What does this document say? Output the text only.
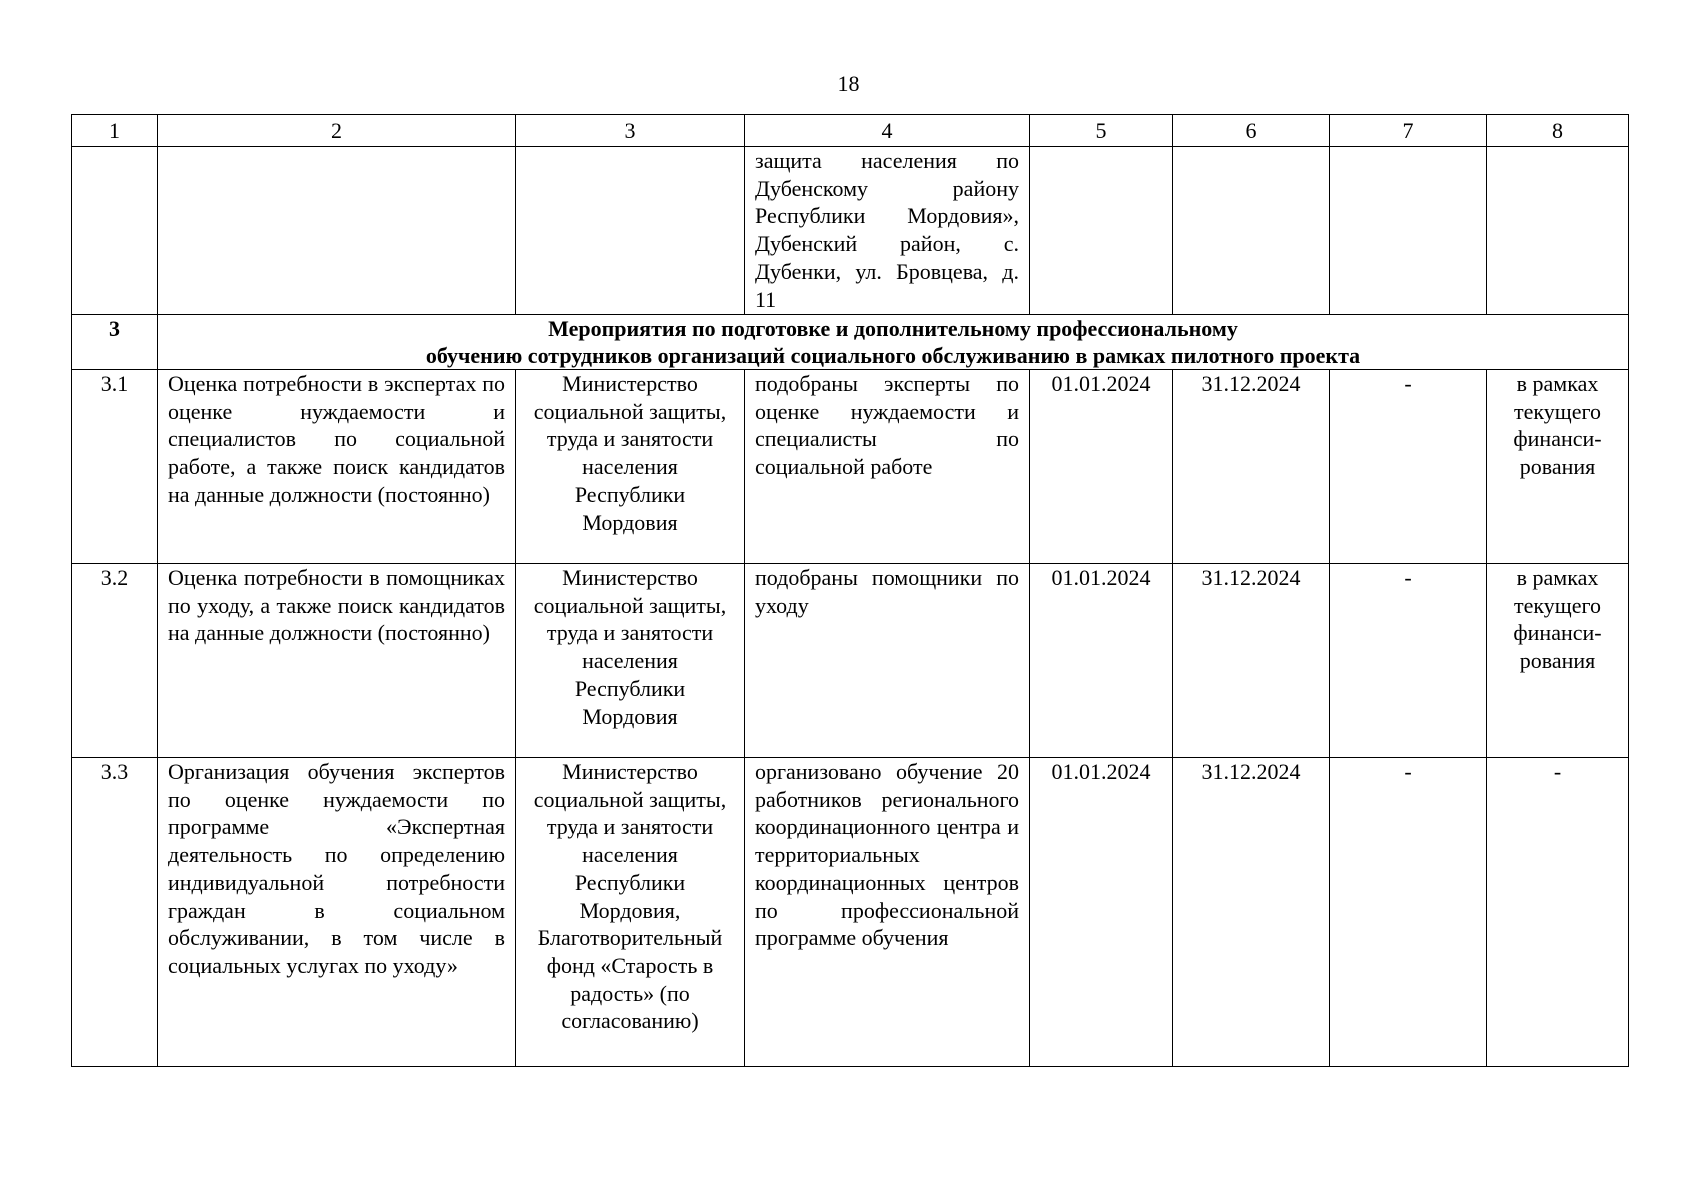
18
1	2	3	4	5	6	7	8
			защита населения по Дубенскому району Республики Мордовия», Дубенский район, с. Дубенки, ул. Бровцева, д. 11				
3	Мероприятия по подготовке и дополнительному профессиональному
обучению сотрудников организаций социального обслуживанию в рамках пилотного проекта						

3.1	Оценка потребности в экспертах по оценке нуждаемости и специалистов по социальной работе, а также поиск кандидатов на данные должности (постоянно)	Министерство социальной защиты, труда и занятости населения Республики Мордовия	подобраны эксперты по оценке нуждаемости и специалисты по социальной работе	01.01.2024	31.12.2024	-	в рамках текущего финанси-рования
3.2	Оценка потребности в помощниках по уходу, а также поиск кандидатов на данные должности (постоянно)	Министерство социальной защиты, труда и занятости населения Республики Мордовия	подобраны помощники по уходу	01.01.2024	31.12.2024	-	в рамках текущего финанси-рования
3.3	Организация обучения экспертов по оценке нуждаемости по программе «Экспертная деятельность по определению индивидуальной потребности граждан в социальном обслуживании, в том числе в социальных услугах по уходу»	Министерство социальной защиты, труда и занятости населения Республики Мордовия, Благотворительный фонд «Старость в радость» (по согласованию)	организовано обучение 20 работников регионального координационного центра и территориальных координационных центров по профессиональной программе обучения	01.01.2024	31.12.2024	-	-
